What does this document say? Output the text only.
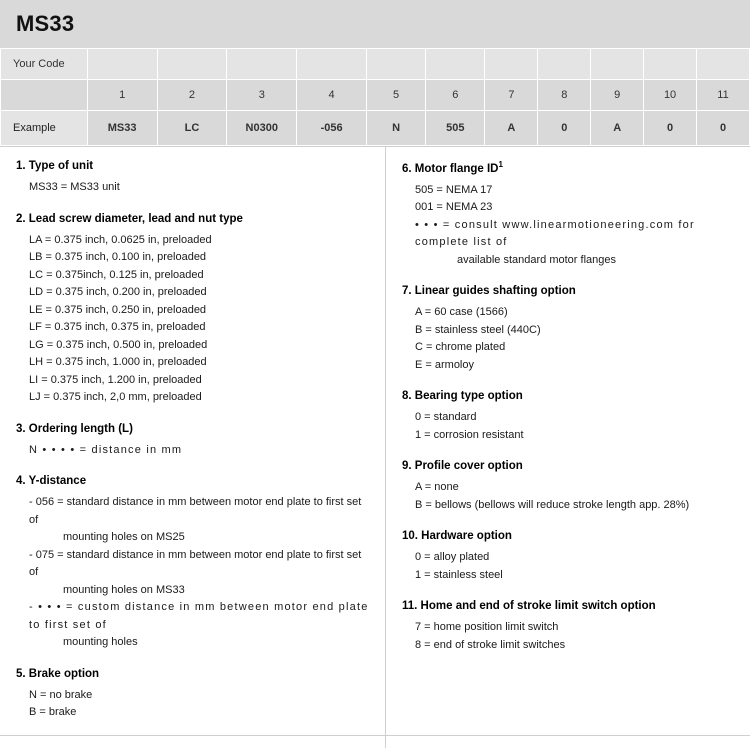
MS33
Your Code											
	1	2	3	4	5	6	7	8	9	10	11
Example	MS33	LC	N0300	-056	N	505	A	0	A	0	0
1. Type of unit
MS33 = MS33 unit
2. Lead screw diameter, lead and nut type
LA = 0.375 inch, 0.0625 in, preloaded
LB = 0.375 inch, 0.100 in, preloaded
LC = 0.375inch, 0.125 in, preloaded
LD = 0.375 inch, 0.200 in, preloaded
LE = 0.375 inch, 0.250 in, preloaded
LF = 0.375 inch, 0.375 in, preloaded
LG = 0.375 inch, 0.500 in, preloaded
LH = 0.375 inch, 1.000 in, preloaded
LI = 0.375 inch, 1.200 in, preloaded
LJ = 0.375 inch, 2,0 mm, preloaded
3. Ordering length (L)
N • • • • = distance in mm
4. Y-distance
- 056 = standard distance in mm between motor end plate to first set of
mounting holes on MS25
- 075 = standard distance in mm between motor end plate to first set of
mounting holes on MS33
- • • • = custom distance in mm between motor end plate to first set of
mounting holes
5. Brake option
N = no brake
B = brake
6. Motor flange $ID^1$
505 = NEMA 17
001 = NEMA 23
• • • = consult www.linearmotioneering.com for complete list of
available standard motor flanges
7. Linear guides shafting option
A = 60 case (1566)
B = stainless steel (440C)
C = chrome plated
E = armoloy
8. Bearing type option
0 = standard
1 = corrosion resistant
9. Profile cover option
A = none
B = bellows (bellows will reduce stroke length app. 28%)
10. Hardware option
0 = alloy plated
1 = stainless steel
11. Home and end of stroke limit switch option
7 = home position limit switch
8 = end of stroke limit switches
